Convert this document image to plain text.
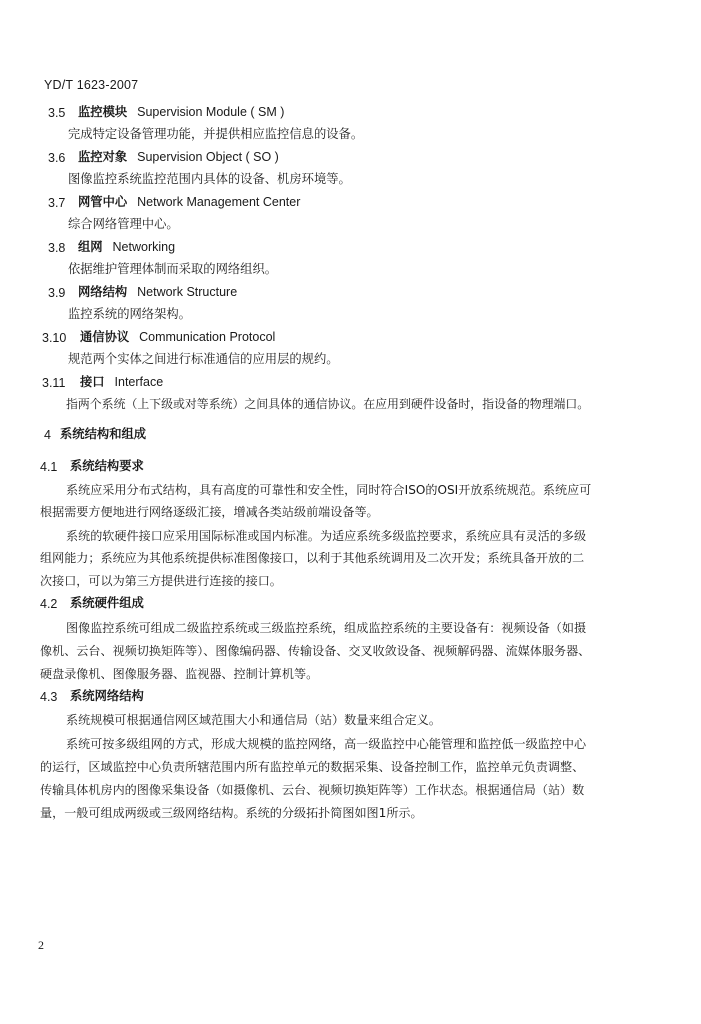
YD/T 1623-2007
3.5 监控模块 Supervision Module ( SM )
完成特定设备管理功能，并提供相应监控信息的设备。
3.6 监控对象 Supervision Object ( SO )
图像监控系统监控范围内具体的设备、机房环境等。
3.7 网管中心 Network Management Center
综合网络管理中心。
3.8 组网 Networking
依据维护管理体制而采取的网络组织。
3.9 网络结构 Network Structure
监控系统的网络架构。
3.10 通信协议 Communication Protocol
规范两个实体之间进行标准通信的应用层的规约。
3.11 接口 Interface
指两个系统（上下级或对等系统）之间具体的通信协议。在应用到硬件设备时，指设备的物理端口。
4 系统结构和组成
4.1 系统结构要求
系统应采用分布式结构，具有高度的可靠性和安全性，同时符合ISO的OSI开放系统规范。系统应可
根据需要方便地进行网络逐级汇接，增减各类站级前端设备等。
系统的软硬件接口应采用国际标准或国内标准。为适应系统多级监控要求，系统应具有灵活的多级
组网能力；系统应为其他系统提供标准图像接口，以利于其他系统调用及二次开发；系统具备开放的二
次接口，可以为第三方提供进行连接的接口。
4.2 系统硬件组成
图像监控系统可组成二级监控系统或三级监控系统，组成监控系统的主要设备有：视频设备（如摄
像机、云台、视频切换矩阵等）、图像编码器、传输设备、交叉收敛设备、视频解码器、流媒体服务器、
硬盘录像机、图像服务器、监视器、控制计算机等。
4.3 系统网络结构
系统规模可根据通信网区域范围大小和通信局（站）数量来组合定义。
系统可按多级组网的方式，形成大规模的监控网络，高一级监控中心能管理和监控低一级监控中心
的运行，区域监控中心负责所辖范围内所有监控单元的数据采集、设备控制工作，监控单元负责调整、
传输具体机房内的图像采集设备（如摄像机、云台、视频切换矩阵等）工作状态。根据通信局（站）数
量，一般可组成两级或三级网络结构。系统的分级拓扑简图如图1所示。
2
